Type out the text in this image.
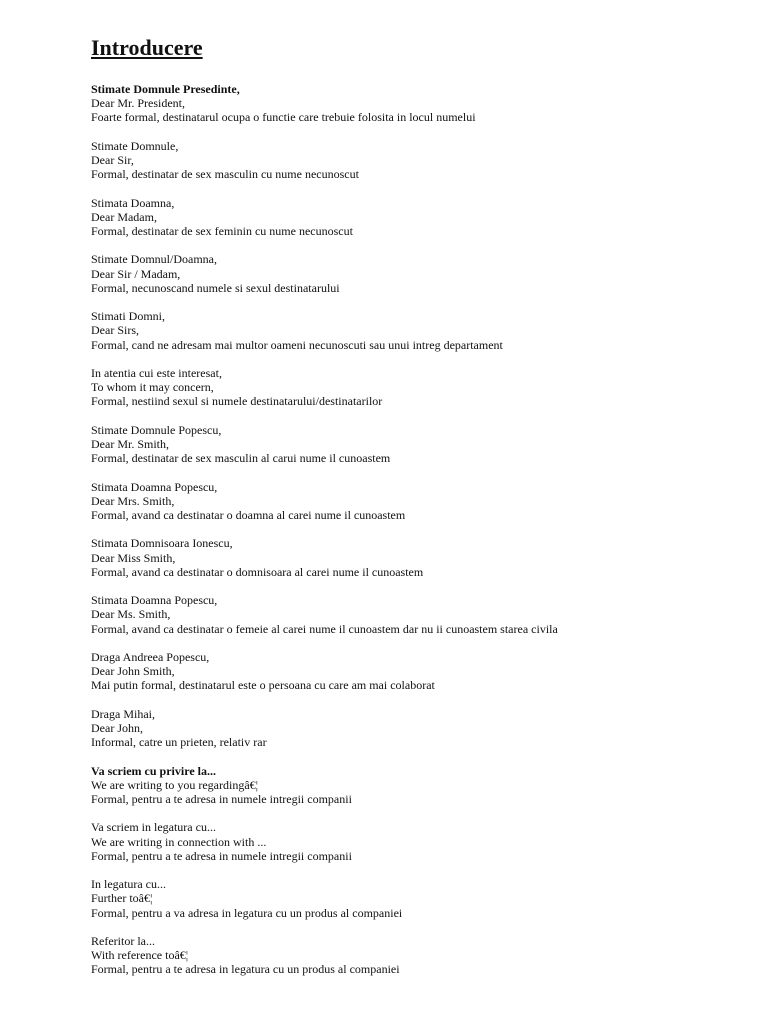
Introducere
Stimate Domnule Presedinte,
Dear Mr. President,
Foarte formal, destinatarul ocupa o functie care trebuie folosita in locul numelui
Stimate Domnule,
Dear Sir,
Formal, destinatar de sex masculin cu nume necunoscut
Stimata Doamna,
Dear Madam,
Formal, destinatar de sex feminin cu nume necunoscut
Stimate Domnul/Doamna,
Dear Sir / Madam,
Formal, necunoscand numele si sexul destinatarului
Stimati Domni,
Dear Sirs,
Formal, cand ne adresam mai multor oameni necunoscuti sau unui intreg departament
In atentia cui este interesat,
To whom it may concern,
Formal, nestiind sexul si numele destinatarului/destinatarilor
Stimate Domnule Popescu,
Dear Mr. Smith,
Formal, destinatar de sex masculin al carui nume il cunoastem
Stimata Doamna Popescu,
Dear Mrs. Smith,
Formal, avand ca destinatar o doamna al carei nume il cunoastem
Stimata Domnisoara Ionescu,
Dear Miss Smith,
Formal, avand ca destinatar o domnisoara al carei nume il cunoastem
Stimata Doamna Popescu,
Dear Ms. Smith,
Formal, avand ca destinatar o femeie al carei nume il cunoastem dar nu ii cunoastem starea civila
Draga Andreea Popescu,
Dear John Smith,
Mai putin formal, destinatarul este o persoana cu care am mai colaborat
Draga Mihai,
Dear John,
Informal, catre un prieten, relativ rar
Va scriem cu privire la...
We are writing to you regardingâ€¦
Formal, pentru a te adresa in numele intregii companii
Va scriem in legatura cu...
We are writing in connection with ...
Formal, pentru a te adresa in numele intregii companii
In legatura cu...
Further toâ€¦
Formal, pentru a va adresa in legatura cu un produs al companiei
Referitor la...
With reference toâ€¦
Formal, pentru a te adresa in legatura cu un produs al companiei
